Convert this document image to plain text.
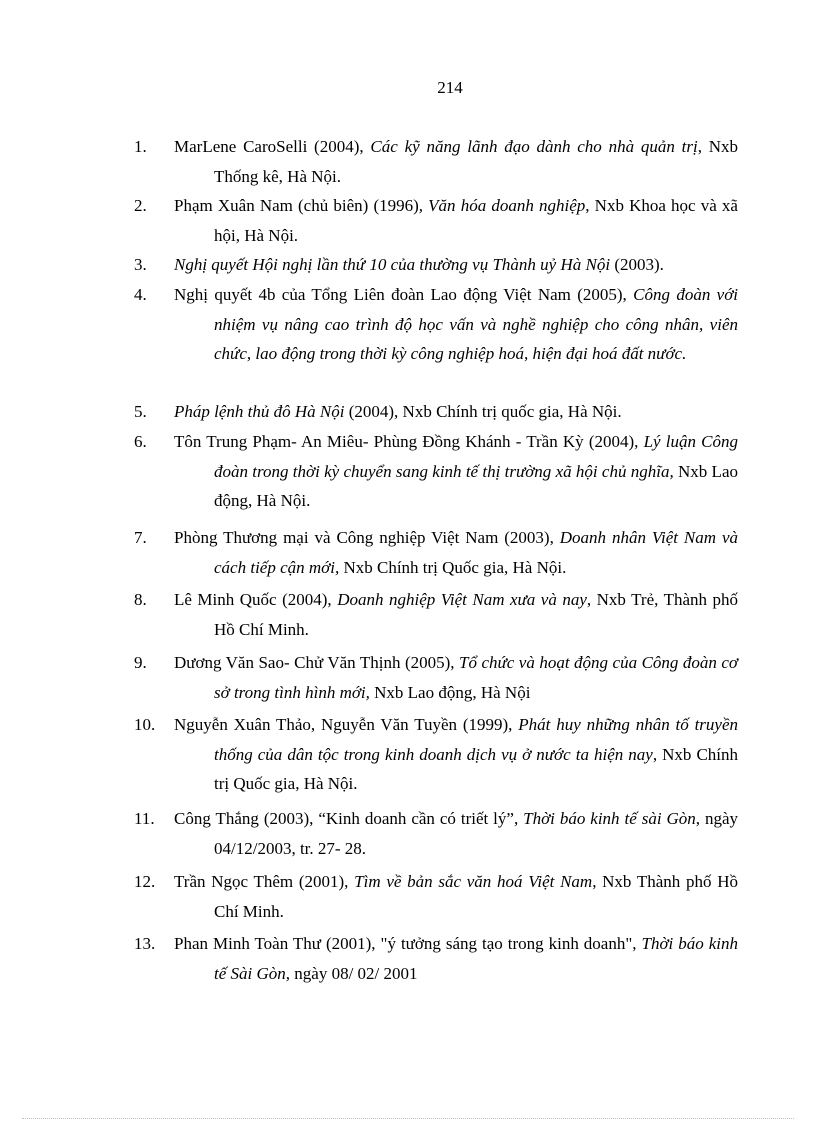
214
1. MarLene CaroSelli (2004), Các kỹ năng lãnh đạo dành cho nhà quản trị, Nxb Thống kê, Hà Nội.
2. Phạm Xuân Nam (chủ biên) (1996), Văn hóa doanh nghiệp, Nxb Khoa học và xã hội, Hà Nội.
3. Nghị quyết Hội nghị lần thứ 10 của thường vụ Thành uỷ Hà Nội (2003).
4. Nghị quyết 4b của Tổng Liên đoàn Lao động Việt Nam (2005), Công đoàn với nhiệm vụ nâng cao trình độ học vấn và nghề nghiệp cho công nhân, viên chức, lao động trong thời kỳ công nghiệp hoá, hiện đại hoá đất nước.
5. Pháp lệnh thủ đô Hà Nội (2004), Nxb Chính trị quốc gia, Hà Nội.
6. Tôn Trung Phạm- An Miêu- Phùng Đồng Khánh - Trần Kỳ (2004), Lý luận Công đoàn trong thời kỳ chuyển sang kinh tế thị trường xã hội chủ nghĩa, Nxb Lao động, Hà Nội.
7. Phòng Thương mại và Công nghiệp Việt Nam (2003), Doanh nhân Việt Nam và cách tiếp cận mới, Nxb Chính trị Quốc gia, Hà Nội.
8. Lê Minh Quốc (2004), Doanh nghiệp Việt Nam xưa và nay, Nxb Trẻ, Thành phố Hồ Chí Minh.
9. Dương Văn Sao- Chử Văn Thịnh (2005), Tổ chức và hoạt động của Công đoàn cơ sở trong tình hình mới, Nxb Lao động, Hà Nội
10. Nguyễn Xuân Thảo, Nguyễn Văn Tuyền (1999), Phát huy những nhân tố truyền thống của dân tộc trong kinh doanh dịch vụ ở nước ta hiện nay, Nxb Chính trị Quốc gia, Hà Nội.
11. Công Thắng (2003), “Kinh doanh cần có triết lý”, Thời báo kinh tế sài Gòn, ngày 04/12/2003, tr. 27- 28.
12. Trần Ngọc Thêm (2001), Tìm về bản sắc văn hoá Việt Nam, Nxb Thành phố Hồ Chí Minh.
13. Phan Minh Toàn Thư (2001), "ý tưởng sáng tạo trong kinh doanh", Thời báo kinh tế Sài Gòn, ngày 08/ 02/ 2001
